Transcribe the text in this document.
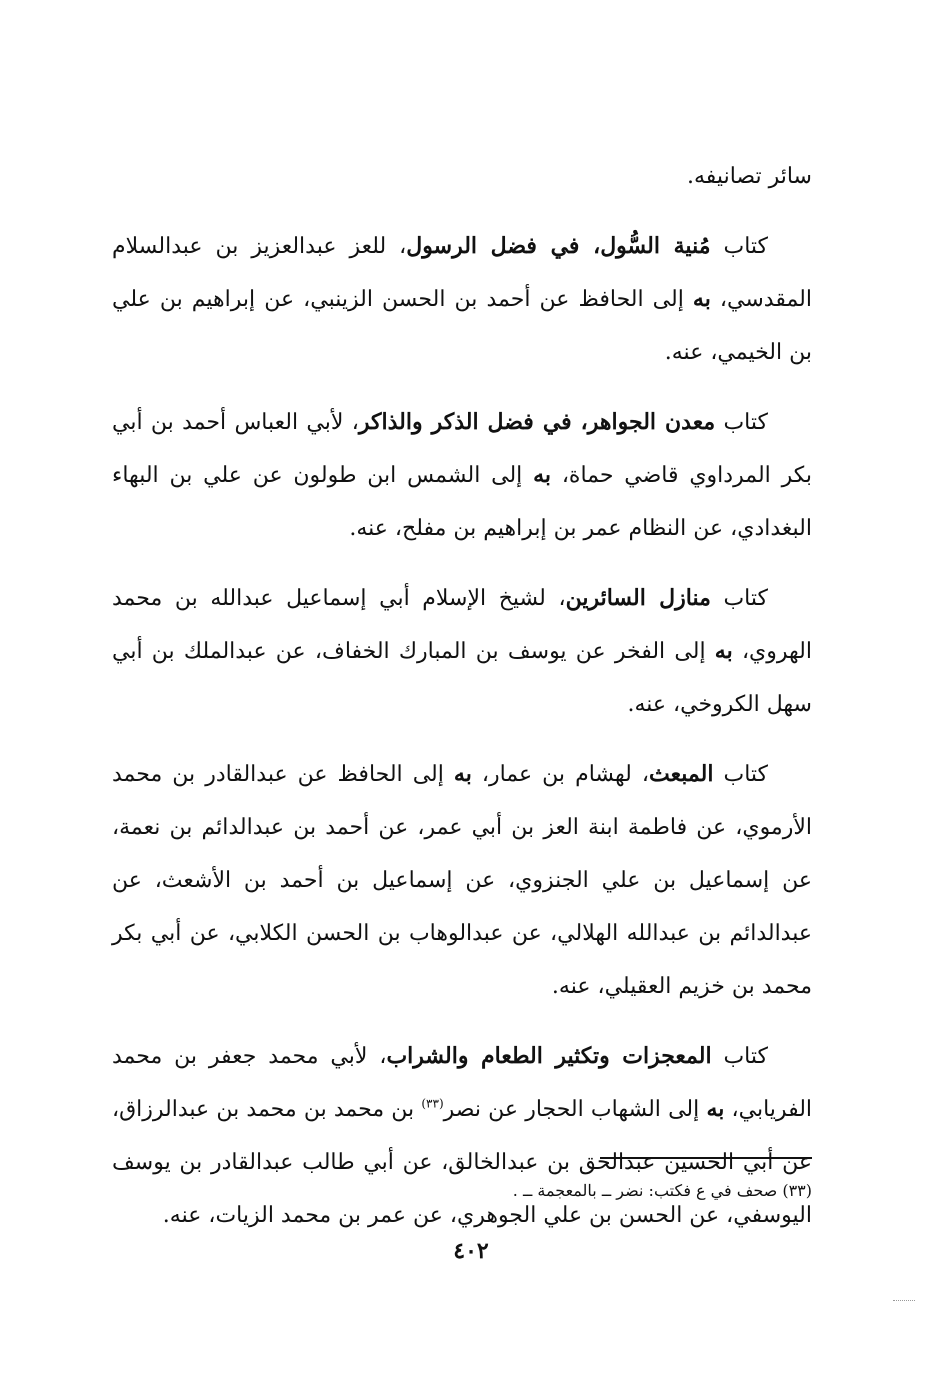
سائر تصانيفه.

كتاب مُنية السُّول، في فضل الرسول، للعز عبدالعزيز بن عبدالسلام المقدسي، به إلى الحافظ عن أحمد بن الحسن الزينبي، عن إبراهيم بن علي بن الخيمي، عنه.

كتاب معدن الجواهر، في فضل الذكر والذاكر، لأبي العباس أحمد بن أبي بكر المرداوي قاضي حماة، به إلى الشمس ابن طولون عن علي بن البهاء البغدادي، عن النظام عمر بن إبراهيم بن مفلح، عنه.

كتاب منازل السائرين، لشيخ الإسلام أبي إسماعيل عبدالله بن محمد الهروي، به إلى الفخر عن يوسف بن المبارك الخفاف، عن عبدالملك بن أبي سهل الكروخي، عنه.

كتاب المبعث، لهشام بن عمار، به إلى الحافظ عن عبدالقادر بن محمد الأرموي، عن فاطمة ابنة العز بن أبي عمر، عن أحمد بن عبدالدائم بن نعمة، عن إسماعيل بن علي الجنزوي، عن إسماعيل بن أحمد بن الأشعث، عن عبدالدائم بن عبدالله الهلالي، عن عبدالوهاب بن الحسن الكلابي، عن أبي بكر محمد بن خزيم العقيلي، عنه.

كتاب المعجزات وتكثير الطعام والشراب، لأبي محمد جعفر بن محمد الفريابي، به إلى الشهاب الحجار عن نصر$^{(٣٣)}$ بن محمد بن محمد بن عبدالرزاق، عن أبي الحسين عبدالحق بن عبدالخالق، عن أبي طالب عبدالقادر بن يوسف اليوسفي، عن الحسن بن علي الجوهري، عن عمر بن محمد الزيات، عنه.

(٣٣) صحف في ع فكتب: نضر ــ بالمعجمة ــ .
٤٠٢
